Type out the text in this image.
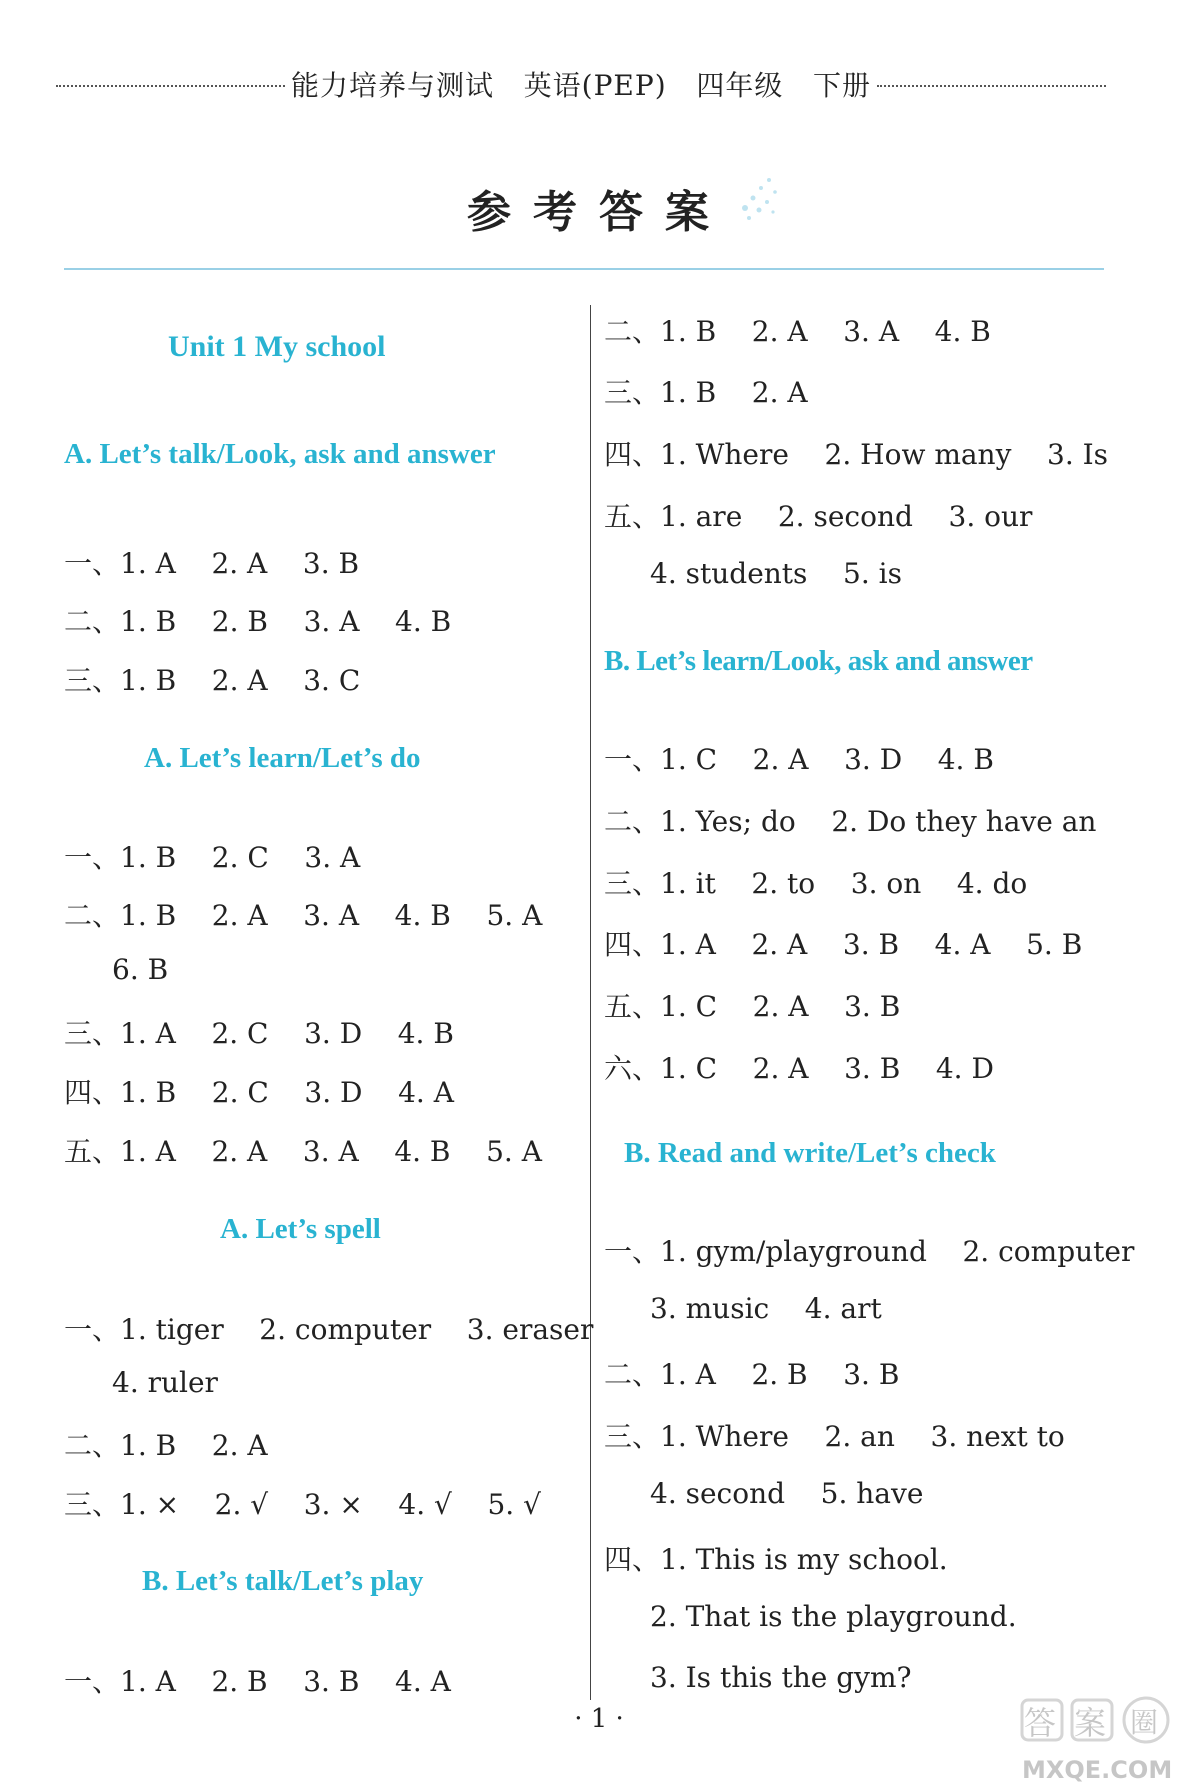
能力培养与测试   英语(PEP)   四年级   下册
参考答案
Unit 1 My school
A. Let’s talk/Look, ask and answer
一、1. A    2. A    3. B
二、1. B    2. B    3. A    4. B
三、1. B    2. A    3. C
A. Let’s learn/Let’s do
一、1. B    2. C    3. A
二、1. B    2. A    3. A    4. B    5. A
6. B
三、1. A    2. C    3. D    4. B
四、1. B    2. C    3. D    4. A
五、1. A    2. A    3. A    4. B    5. A
A. Let’s spell
一、1. tiger    2. computer    3. eraser
4. ruler
二、1. B    2. A
三、1. ×    2. √    3. ×    4. √    5. √
B. Let’s talk/Let’s play
一、1. A    2. B    3. B    4. A
二、1. B    2. A    3. A    4. B
三、1. B    2. A
四、1. Where    2. How many    3. Is
五、1. are    2. second    3. our
4. students    5. is
B. Let’s learn/Look, ask and answer
一、1. C    2. A    3. D    4. B
二、1. Yes; do    2. Do they have an
三、1. it    2. to    3. on    4. do
四、1. A    2. A    3. B    4. A    5. B
五、1. C    2. A    3. B
六、1. C    2. A    3. B    4. D
B. Read and write/Let’s check
一、1. gym/playground    2. computer
3. music    4. art
二、1. A    2. B    3. B
三、1. Where    2. an    3. next to
4. second    5. have
四、1. This is my school.
2. That is the playground.
3. Is this the gym?
· 1 ·	答 案 圈
MXQE.COM
